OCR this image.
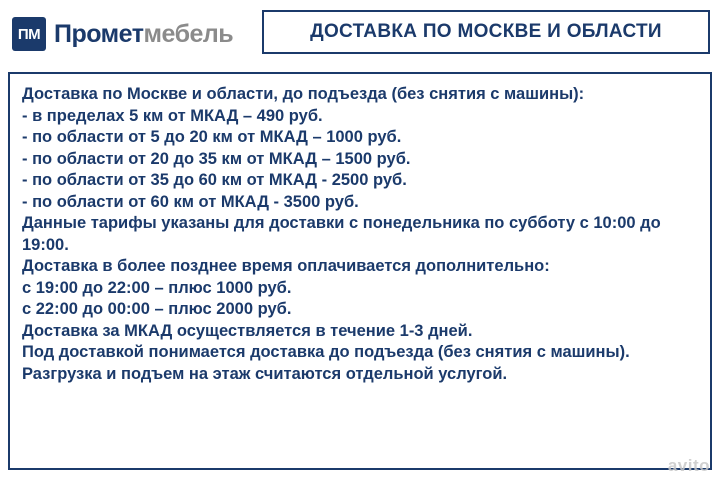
ПМ Прометмебель	ДОСТАВКА ПО МОСКВЕ И ОБЛАСТИ
Доставка по Москве и области, до подъезда (без снятия с машины):
- в пределах 5 км от МКАД – 490 руб.
- по области от 5 до 20 км от МКАД – 1000 руб.
- по области от 20 до 35 км от МКАД – 1500 руб.
- по области от 35 до 60 км от МКАД - 2500 руб.
- по области от 60 км от МКАД - 3500 руб.
Данные тарифы указаны для доставки с понедельника по субботу с 10:00 до 19:00.
Доставка в более позднее время оплачивается дополнительно:
с 19:00 до 22:00 – плюс 1000 руб.
с 22:00 до 00:00 – плюс 2000 руб.
Доставка за МКАД осуществляется в течение 1-3 дней.
Под доставкой понимается доставка до подъезда (без снятия с машины). Разгрузка и подъем на этаж считаются отдельной услугой.
avito
